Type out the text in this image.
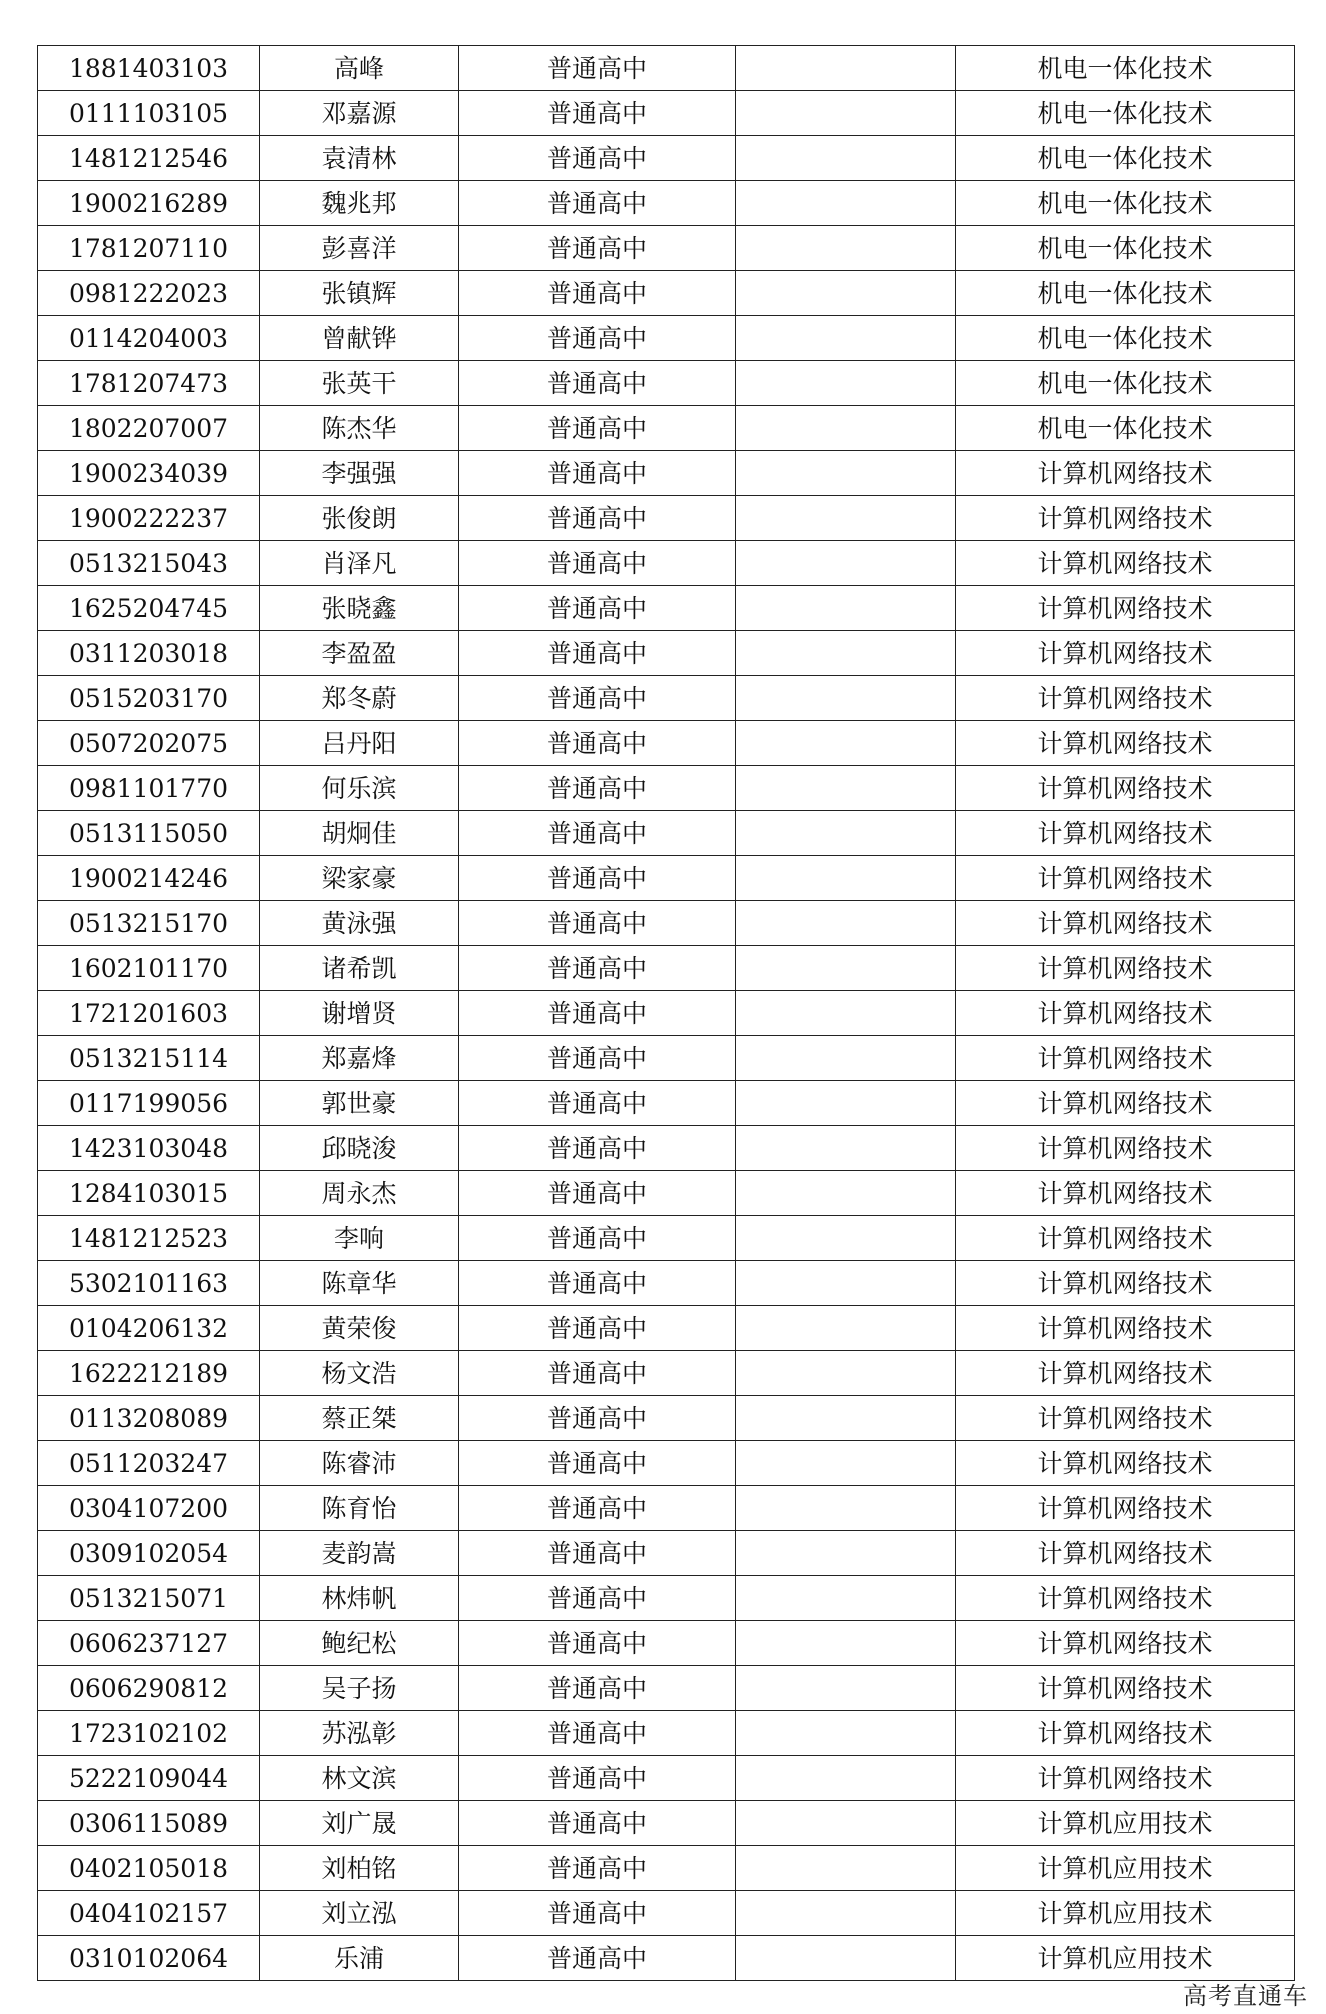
1881403103	高峰	普通高中		机电一体化技术
0111103105	邓嘉源	普通高中		机电一体化技术
1481212546	袁清林	普通高中		机电一体化技术
1900216289	魏兆邦	普通高中		机电一体化技术
1781207110	彭喜洋	普通高中		机电一体化技术
0981222023	张镇辉	普通高中		机电一体化技术
0114204003	曾献铧	普通高中		机电一体化技术
1781207473	张英干	普通高中		机电一体化技术
1802207007	陈杰华	普通高中		机电一体化技术
1900234039	李强强	普通高中		计算机网络技术
1900222237	张俊朗	普通高中		计算机网络技术
0513215043	肖泽凡	普通高中		计算机网络技术
1625204745	张晓鑫	普通高中		计算机网络技术
0311203018	李盈盈	普通高中		计算机网络技术
0515203170	郑冬蔚	普通高中		计算机网络技术
0507202075	吕丹阳	普通高中		计算机网络技术
0981101770	何乐滨	普通高中		计算机网络技术
0513115050	胡炯佳	普通高中		计算机网络技术
1900214246	梁家豪	普通高中		计算机网络技术
0513215170	黄泳强	普通高中		计算机网络技术
1602101170	诸希凯	普通高中		计算机网络技术
1721201603	谢增贤	普通高中		计算机网络技术
0513215114	郑嘉烽	普通高中		计算机网络技术
0117199056	郭世豪	普通高中		计算机网络技术
1423103048	邱晓浚	普通高中		计算机网络技术
1284103015	周永杰	普通高中		计算机网络技术
1481212523	李响	普通高中		计算机网络技术
5302101163	陈章华	普通高中		计算机网络技术
0104206132	黄荣俊	普通高中		计算机网络技术
1622212189	杨文浩	普通高中		计算机网络技术
0113208089	蔡正桀	普通高中		计算机网络技术
0511203247	陈睿沛	普通高中		计算机网络技术
0304107200	陈育怡	普通高中		计算机网络技术
0309102054	麦韵嵩	普通高中		计算机网络技术
0513215071	林炜帆	普通高中		计算机网络技术
0606237127	鲍纪松	普通高中		计算机网络技术
0606290812	吴子扬	普通高中		计算机网络技术
1723102102	苏泓彰	普通高中		计算机网络技术
5222109044	林文滨	普通高中		计算机网络技术
0306115089	刘广晟	普通高中		计算机应用技术
0402105018	刘柏铭	普通高中		计算机应用技术
0404102157	刘立泓	普通高中		计算机应用技术
0310102064	乐浦	普通高中		计算机应用技术
高考直通车
